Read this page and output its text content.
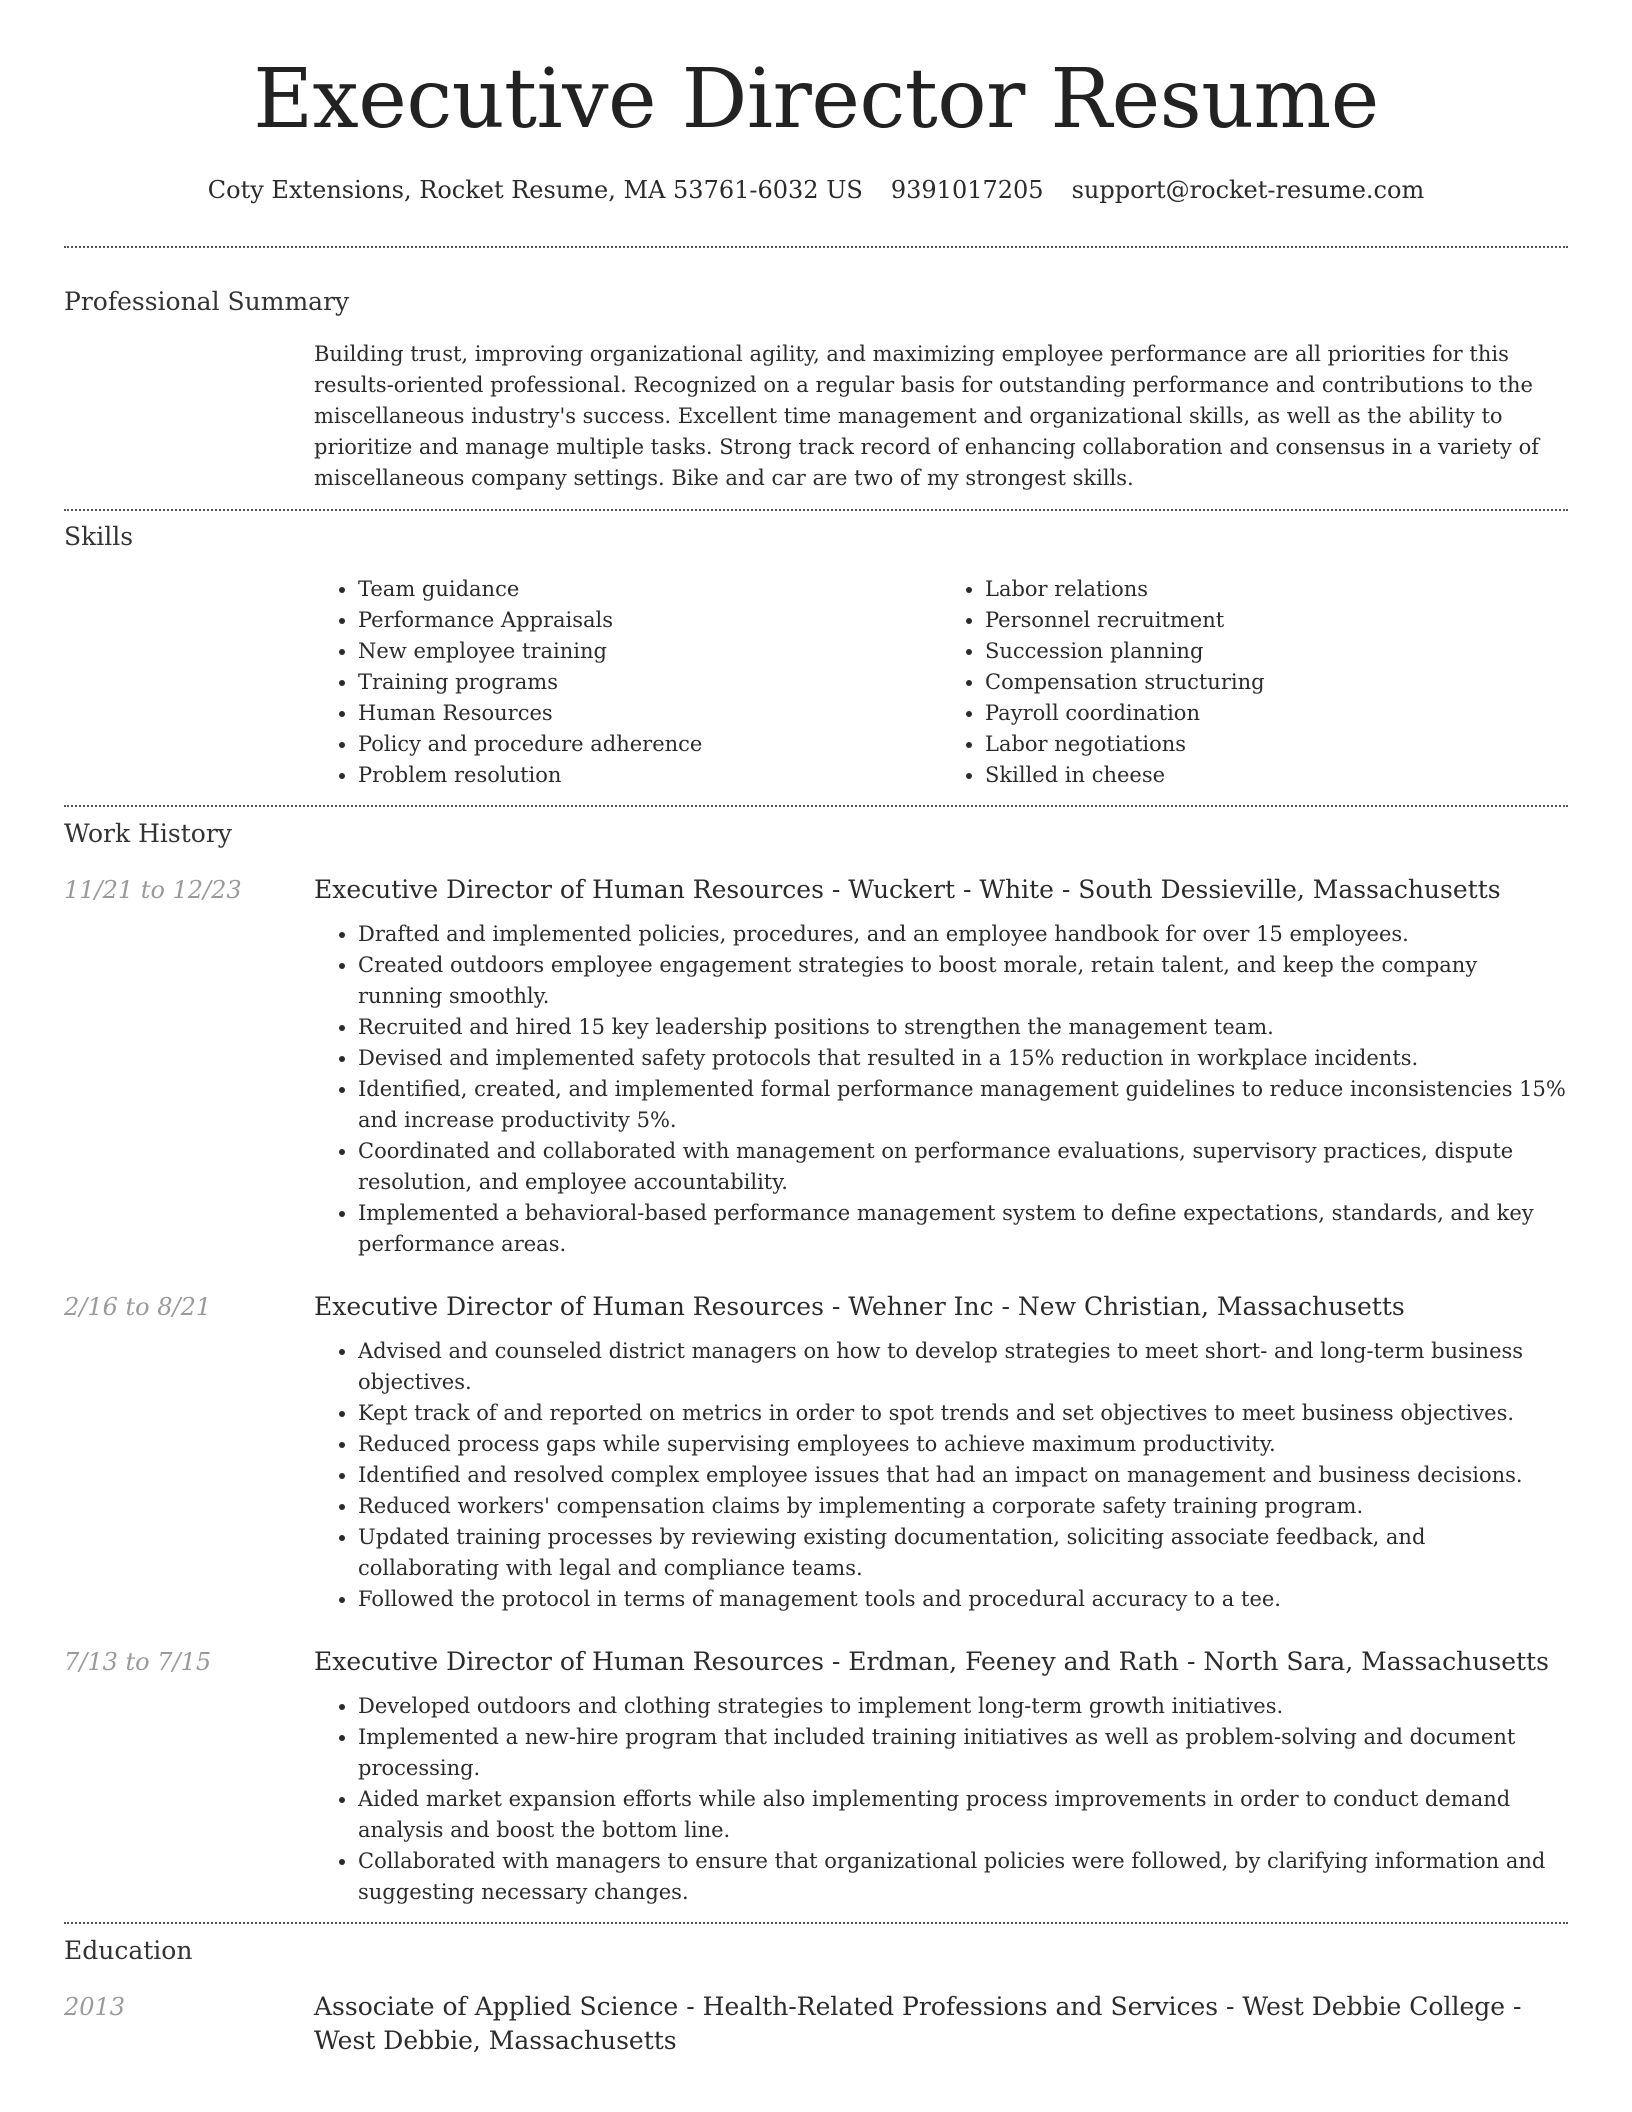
Executive Director Resume
Coty Extensions, Rocket Resume, MA 53761-6032 US 9391017205 support@rocket-resume.com
Professional Summary

Building trust, improving organizational agility, and maximizing employee performance are all priorities for this results-oriented professional. Recognized on a regular basis for outstanding performance and contributions to the miscellaneous industry's success. Excellent time management and organizational skills, as well as the ability to prioritize and manage multiple tasks. Strong track record of enhancing collaboration and consensus in a variety of miscellaneous company settings. Bike and car are two of my strongest skills.

Skills
• Team guidance
• Performance Appraisals
• New employee training
• Training programs
• Human Resources
• Policy and procedure adherence
• Problem resolution
• Labor relations
• Personnel recruitment
• Succession planning
• Compensation structuring
• Payroll coordination
• Labor negotiations
• Skilled in cheese
Work History
11/21 to 12/23	Executive Director of Human Resources - Wuckert - White - South Dessieville, Massachusetts
• Drafted and implemented policies, procedures, and an employee handbook for over 15 employees.
• Created outdoors employee engagement strategies to boost morale, retain talent, and keep the company running smoothly.
• Recruited and hired 15 key leadership positions to strengthen the management team.
• Devised and implemented safety protocols that resulted in a 15% reduction in workplace incidents.
• Identified, created, and implemented formal performance management guidelines to reduce inconsistencies 15% and increase productivity 5%.
• Coordinated and collaborated with management on performance evaluations, supervisory practices, dispute resolution, and employee accountability.
• Implemented a behavioral-based performance management system to define expectations, standards, and key performance areas.
2/16 to 8/21	Executive Director of Human Resources - Wehner Inc - New Christian, Massachusetts
• Advised and counseled district managers on how to develop strategies to meet short- and long-term business objectives.
• Kept track of and reported on metrics in order to spot trends and set objectives to meet business objectives.
• Reduced process gaps while supervising employees to achieve maximum productivity.
• Identified and resolved complex employee issues that had an impact on management and business decisions.
• Reduced workers' compensation claims by implementing a corporate safety training program.
• Updated training processes by reviewing existing documentation, soliciting associate feedback, and collaborating with legal and compliance teams.
• Followed the protocol in terms of management tools and procedural accuracy to a tee.
7/13 to 7/15	Executive Director of Human Resources - Erdman, Feeney and Rath - North Sara, Massachusetts
• Developed outdoors and clothing strategies to implement long-term growth initiatives.
• Implemented a new-hire program that included training initiatives as well as problem-solving and document processing.
• Aided market expansion efforts while also implementing process improvements in order to conduct demand analysis and boost the bottom line.
• Collaborated with managers to ensure that organizational policies were followed, by clarifying information and suggesting necessary changes.
Education
2013	Associate of Applied Science - Health-Related Professions and Services - West Debbie College - West Debbie, Massachusetts
